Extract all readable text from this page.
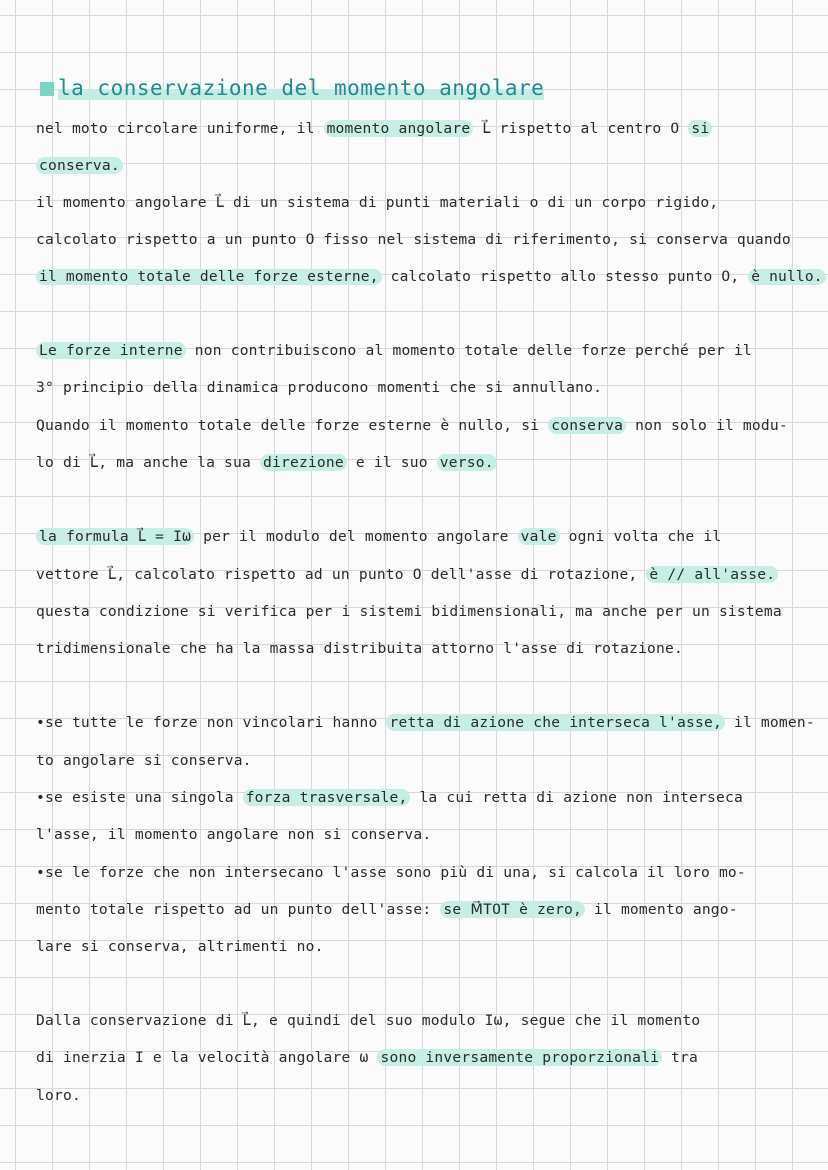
la conservazione del momento angolare
nel moto circolare uniforme, il momento angolare L⃗ rispetto al centro O si
conserva.
il momento angolare L⃗ di un sistema di punti materiali o di un corpo rigido,
calcolato rispetto a un punto O fisso nel sistema di riferimento, si conserva quando
il momento totale delle forze esterne, calcolato rispetto allo stesso punto O, è nullo.
Le forze interne non contribuiscono al momento totale delle forze perché per il
3° principio della dinamica producono momenti che si annullano.
Quando il momento totale delle forze esterne è nullo, si conserva non solo il modu-
lo di L⃗, ma anche la sua direzione e il suo verso.
la formula L⃗ = Iω per il modulo del momento angolare vale ogni volta che il
vettore L⃗, calcolato rispetto ad un punto O dell'asse di rotazione, è // all'asse.
questa condizione si verifica per i sistemi bidimensionali, ma anche per un sistema
tridimensionale che ha la massa distribuita attorno l'asse di rotazione.
•se tutte le forze non vincolari hanno retta di azione che interseca l'asse, il momen-
to angolare si conserva.
•se esiste una singola forza trasversale, la cui retta di azione non interseca
l'asse, il momento angolare non si conserva.
•se le forze che non intersecano l'asse sono più di una, si calcola il loro mo-
mento totale rispetto ad un punto dell'asse: se M⃗TOT è zero, il momento ango-
lare si conserva, altrimenti no.
Dalla conservazione di L⃗, e quindi del suo modulo Iω, segue che il momento
di inerzia I e la velocità angolare ω sono inversamente proporzionali tra
loro.
